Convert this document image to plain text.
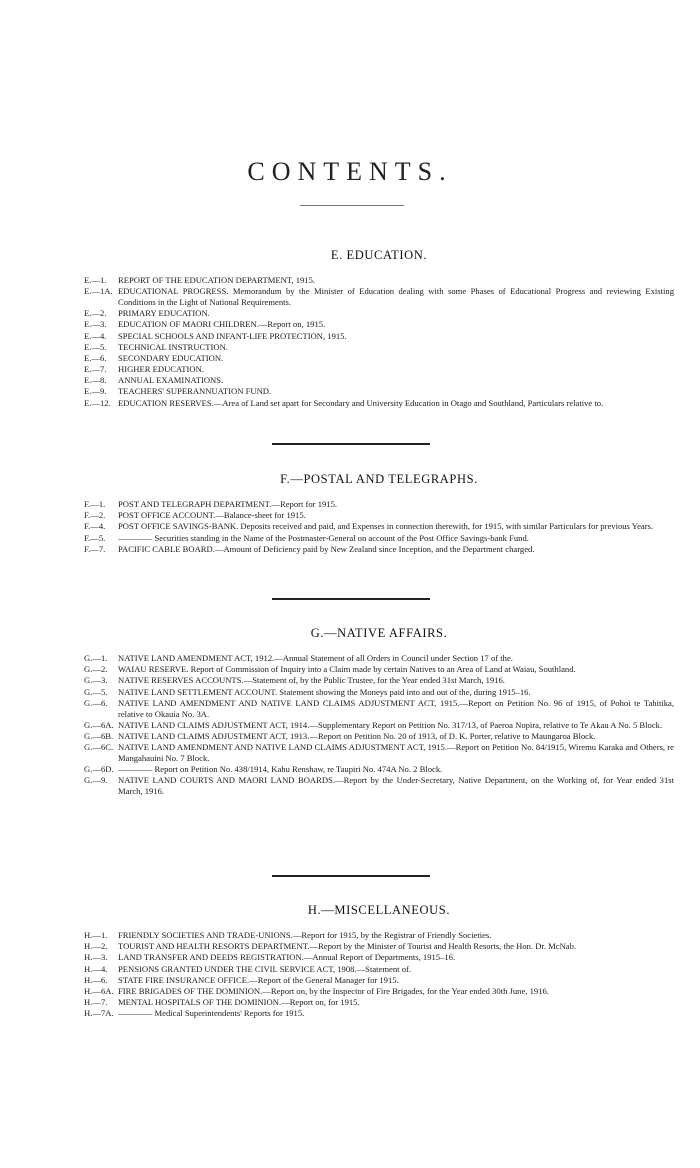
CONTENTS.
E. EDUCATION.
E.—1.	REPORT OF THE EDUCATION DEPARTMENT, 1915.
E.—1A. EDUCATIONAL PROGRESS. Memorandum by the Minister of Education dealing with some Phases of Educational Progress and reviewing Existing Conditions in the Light of National Requirements.
E.—2.	PRIMARY EDUCATION.
E.—3.	EDUCATION OF MAORI CHILDREN.—Report on, 1915.
E.—4.	SPECIAL SCHOOLS AND INFANT-LIFE PROTECTION, 1915.
E.—5.	TECHNICAL INSTRUCTION.
E.—6.	SECONDARY EDUCATION.
E.—7.	HIGHER EDUCATION.
E.—8.	ANNUAL EXAMINATIONS.
E.—9.	TEACHERS' SUPERANNUATION FUND.
E.—12. EDUCATION RESERVES.—Area of Land set apart for Secondary and University Education in Otago and Southland, Particulars relative to.
F.—POSTAL AND TELEGRAPHS.
F.—1.	POST AND TELEGRAPH DEPARTMENT.—Report for 1915.
F.—2.	POST OFFICE ACCOUNT.—Balance-sheet for 1915.
F.—4.	POST OFFICE SAVINGS-BANK. Deposits received and paid, and Expenses in connection therewith, for 1915, with similar Particulars for previous Years.
F.—5.	———— Securities standing in the Name of the Postmaster-General on account of the Post Office Savings-bank Fund.
F.—7.	PACIFIC CABLE BOARD.—Amount of Deficiency paid by New Zealand since Inception, and the Department charged.
G.—NATIVE AFFAIRS.
G.—1.	NATIVE LAND AMENDMENT ACT, 1912.—Annual Statement of all Orders in Council under Section 17 of the.
G.—2.	WAIAU RESERVE. Report of Commission of Inquiry into a Claim made by certain Natives to an Area of Land at Waiau, Southland.
G.—3.	NATIVE RESERVES ACCOUNTS.—Statement of, by the Public Trustee, for the Year ended 31st March, 1916.
G.—5.	NATIVE LAND SETTLEMENT ACCOUNT. Statement showing the Moneys paid into and out of the, during 1915–16.
G.—6.	NATIVE LAND AMENDMENT AND NATIVE LAND CLAIMS ADJUSTMENT ACT, 1915.—Report on Petition No. 96 of 1915, of Pohoi te Tahitika, relative to Okauia No. 3A.
G.—6A. NATIVE LAND CLAIMS ADJUSTMENT ACT, 1914.—Supplementary Report on Petition No. 317/13, of Paeroa Nopira, relative to Te Akau A No. 5 Block.
G.—6B. NATIVE LAND CLAIMS ADJUSTMENT ACT, 1913.—Report on Petition No. 20 of 1913, of D. K. Porter, relative to Maungaroa Block.
G.—6C. NATIVE LAND AMENDMENT AND NATIVE LAND CLAIMS ADJUSTMENT ACT, 1915.—Report on Petition No. 84/1915, Wiremu Karaka and Others, re Mangahauini No. 7 Block.
G.—6D. ———— Report on Petition No. 438/1914, Kahu Renshaw, re Taupiri No. 474A No. 2 Block.
G.—9.	NATIVE LAND COURTS AND MAORI LAND BOARDS.—Report by the Under-Secretary, Native Department, on the Working of, for Year ended 31st March, 1916.
H.—MISCELLANEOUS.
H.—1.	FRIENDLY SOCIETIES AND TRADE-UNIONS.—Report for 1915, by the Registrar of Friendly Societies.
H.—2.	TOURIST AND HEALTH RESORTS DEPARTMENT.—Report by the Minister of Tourist and Health Resorts, the Hon. Dr. McNab.
H.—3.	LAND TRANSFER AND DEEDS REGISTRATION.—Annual Report of Departments, 1915–16.
H.—4.	PENSIONS GRANTED UNDER THE CIVIL SERVICE ACT, 1908.—Statement of.
H.—6.	STATE FIRE INSURANCE OFFICE.—Report of the General Manager for 1915.
H.—6A. FIRE BRIGADES OF THE DOMINION.—Report on, by the Inspector of Fire Brigades, for the Year ended 30th June, 1916.
H.—7.	MENTAL HOSPITALS OF THE DOMINION.—Report on, for 1915.
H.—7A. ———— Medical Superintendents' Reports for 1915.
